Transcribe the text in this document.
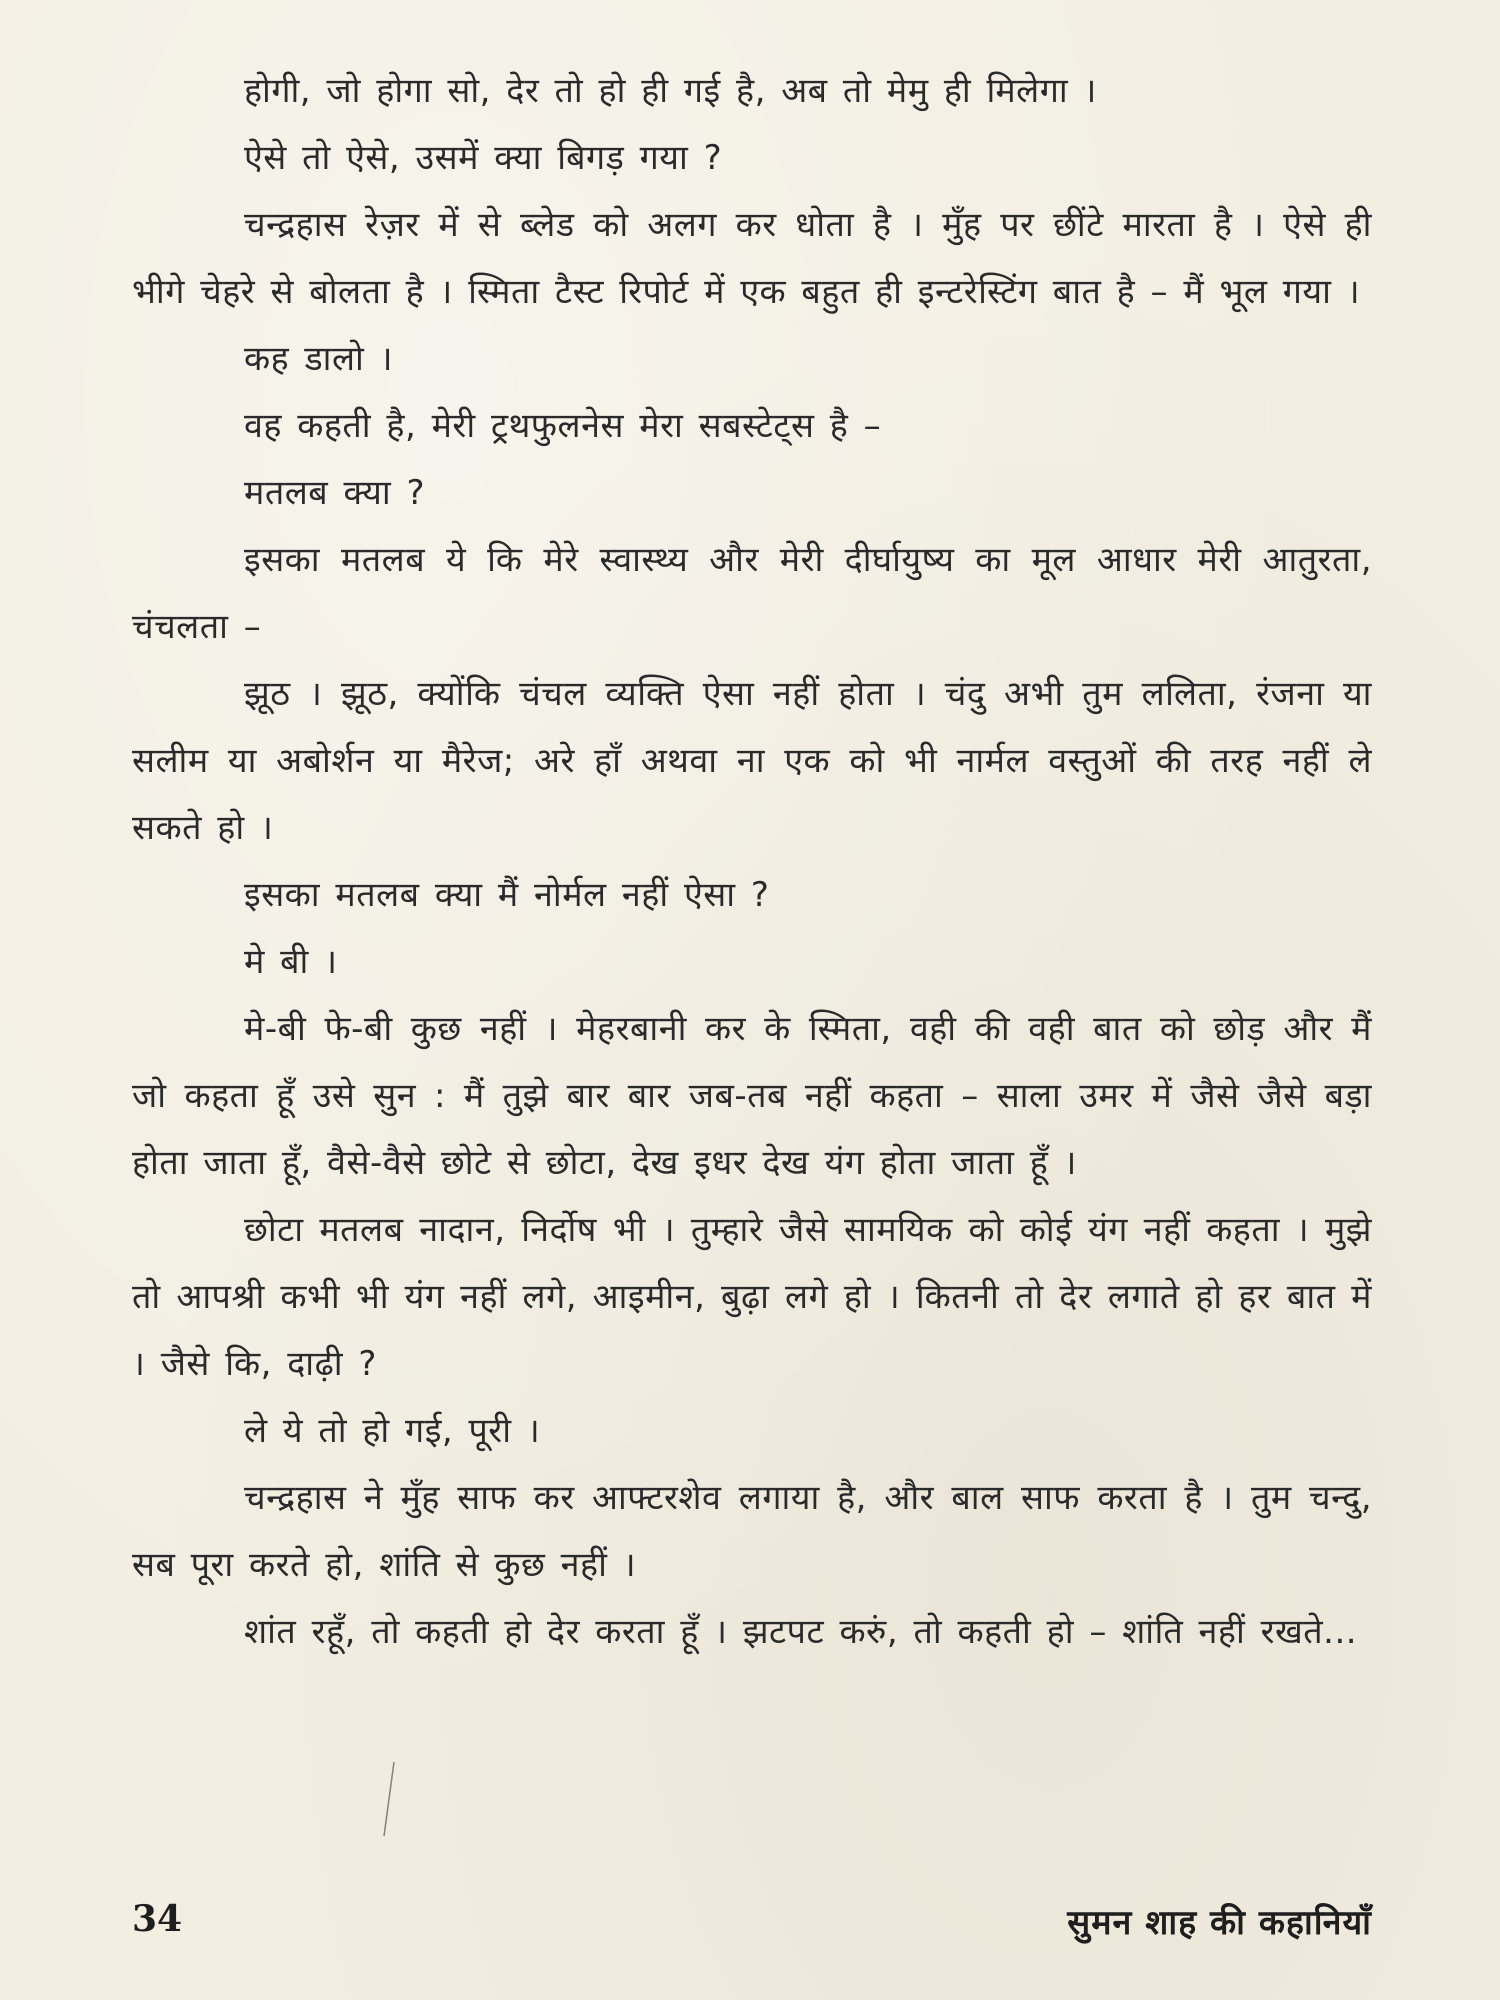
होगी, जो होगा सो, देर तो हो ही गई है, अब तो मेमु ही मिलेगा ।

ऐसे तो ऐसे, उसमें क्या बिगड़ गया ?

चन्द्रहास रेज़र में से ब्लेड को अलग कर धोता है । मुँह पर छींटे मारता है । ऐसे ही भीगे चेहरे से बोलता है । स्मिता टैस्ट रिपोर्ट में एक बहुत ही इन्टरेस्टिंग बात है – मैं भूल गया ।

कह डालो ।

वह कहती है, मेरी ट्रथफुलनेस मेरा सबस्टेट्स है –

मतलब क्या ?

इसका मतलब ये कि मेरे स्वास्थ्य और मेरी दीर्घायुष्य का मूल आधार मेरी आतुरता, चंचलता –

झूठ । झूठ, क्योंकि चंचल व्यक्ति ऐसा नहीं होता । चंदु अभी तुम ललिता, रंजना या सलीम या अबोर्शन या मैरेज; अरे हाँ अथवा ना एक को भी नार्मल वस्तुओं की तरह नहीं ले सकते हो ।

इसका मतलब क्या मैं नोर्मल नहीं ऐसा ?

मे बी ।

मे-बी फे-बी कुछ नहीं । मेहरबानी कर के स्मिता, वही की वही बात को छोड़ और मैं जो कहता हूँ उसे सुन : मैं तुझे बार बार जब-तब नहीं कहता – साला उमर में जैसे जैसे बड़ा होता जाता हूँ, वैसे-वैसे छोटे से छोटा, देख इधर देख यंग होता जाता हूँ ।

छोटा मतलब नादान, निर्दोष भी । तुम्हारे जैसे सामयिक को कोई यंग नहीं कहता । मुझे तो आपश्री कभी भी यंग नहीं लगे, आइमीन, बुढ़ा लगे हो । कितनी तो देर लगाते हो हर बात में । जैसे कि, दाढ़ी ?

ले ये तो हो गई, पूरी ।

चन्द्रहास ने मुँह साफ कर आफ्टरशेव लगाया है, और बाल साफ करता है । तुम चन्दु, सब पूरा करते हो, शांति से कुछ नहीं ।

शांत रहूँ, तो कहती हो देर करता हूँ । झटपट करुं, तो कहती हो – शांति नहीं रखते...

34	सुमन शाह की कहानियाँ
